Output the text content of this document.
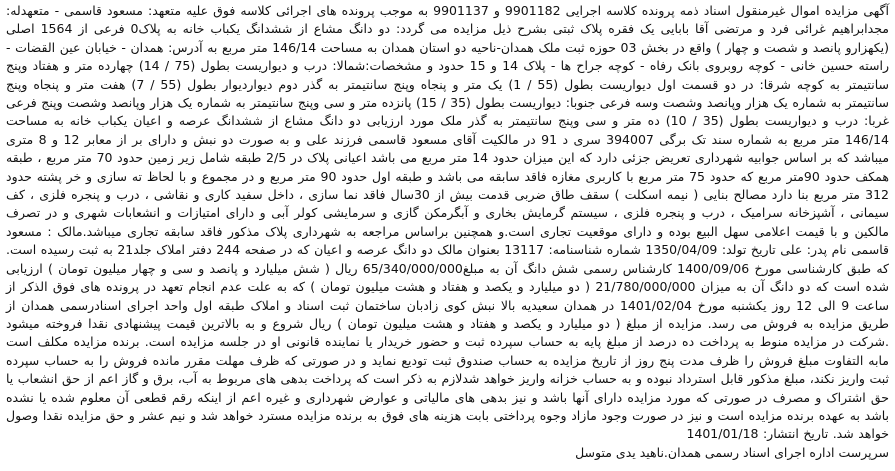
آگهی مزایده اموال غیرمنقول اسناد ذمه پرونده کلاسه اجرایی 9901182 و 9901137 به موجب پرونده های اجرائی کلاسه فوق علیه متعهد: مسعود قاسمی - متعهدله: مجدابراهیم غرائی فرد و مرتضی آقا بابایی یک فقره پلاک ثبتی بشرح ذیل مزایده می گردد: دو دانگ مشاع از ششدانگ یکباب خانه به پلاک0 فرعی از 1564 اصلی (یکهزارو پانصد و شصت و چهار ) واقع در بخش 03 حوزه ثبت ملک همدان-ناحیه دو استان همدان به مساحت 146/14 متر مربع به آدرس: همدان - خیابان عین القضات - راسته حسین خانی - کوچه روبروی بانک رفاه - کوچه جراح ها - پلاک 14 و 15 حدود و مشخصات:شمالا: درب و دیواریست بطول (75 / 14) چهارده متر و هفتاد وپنج سانتیمتر به کوچه شرقا: در دو قسمت اول دیواریست بطول (55 / 1) یک متر و پنجاه وپنج سانتیمتر به گذر دوم دیواردیوار بطول (55 / 7) هفت متر و پنجاه وپنج سانتیمتر به شماره یک هزار وپانصد وشصت وسه فرعی جنوبا: دیواریست بطول (35 / 15) پانزده متر و سی وپنج سانتیمتر به شماره یک هزار وپانصد وشصت وپنج فرعی غربا: درب و دیواریست بطول (35 / 10) ده متر و سی وپنج سانتیمتر به گذر ملک مورد ارزیابی دو دانگ مشاع از ششدانگ عرصه و اعیان یکباب خانه به مساحت 146/14 متر مربع به شماره سند تک برگی 394007 سری د 91 در مالکیت آقای مسعود قاسمی فرزند علی و به صورت دو نبش و دارای بر از معابر 12 و 8 متری میباشد که بر اساس جوابیه شهرداری تعریض جزئی دارد که این میزان حدود 14 متر مربع می باشد اعیانی پلاک در 2/5 طبقه شامل زیر زمین حدود 70 متر مربع ، طبقه همکف حدود 90متر مربع که حدود 75 متر مربع با کاربری مغازه فاقد سابقه می باشد و طبقه اول حدود 90 متر مربع و در مجموع و با لحاظ ته سازی و خر پشته حدود 312 متر مربع بنا دارد مصالح بنایی ( نیمه اسکلت ) سقف طاق ضربی قدمت بیش از 30سال فاقد نما سازی ، داخل سفید کاری و نقاشی ، درب و پنجره فلزی ، کف سیمانی ، آشپزخانه سرامیک ، درب و پنجره فلزی ، سیستم گرمایش بخاری و آبگرمکن گازی و سرمایشی کولر آبی و دارای امتیازات و انشعابات شهری و در تصرف مالکین و با قیمت اعلامی سهل البیع بوده و دارای موقعیت تجاری است.و همچنین براساس مراجعه به شهرداری پلاک مذکور فاقد سابقه تجاری میباشد.مالک : مسعود قاسمی نام پدر: علی تاریخ تولد: 1350/04/09 شماره شناسنامه: 13117 بعنوان مالک دو دانگ عرصه و اعیان که در صفحه 244 دفتر املاک جلد21 به ثبت رسیده است. که طبق کارشناسی مورخ 1400/09/06 کارشناس رسمی شش دانگ آن به مبلغ65/340/000/000 ریال ( شش میلیارد و پانصد و سی و چهار میلیون تومان ) ارزیابی شده است که دو دانگ آن به میزان 21/780/000/000 ( دو میلیارد و یکصد و هفتاد و هشت میلیون تومان ) که به علت عدم انجام تعهد در پرونده های فوق الذکر از ساعت 9 الی 12 روز یکشنبه مورخ 1401/02/04 در همدان سعیدیه بالا نبش کوی زادبان ساختمان ثبت اسناد و املاک طبقه اول واحد اجرای اسنادرسمی همدان از طریق مزایده به فروش می رسد. مزایده از مبلغ ( دو میلیارد و یکصد و هفتاد و هشت میلیون تومان ) ریال شروع و به بالاترین قیمت پیشنهادی نقدا فروخته میشود .شرکت در مزایده منوط به پرداخت ده درصد از مبلغ پایه به حساب سپرده ثبت و حضور خریدار یا نماینده قانونی او در جلسه مزایده است. برنده مزایده مکلف است مابه التفاوت مبلغ فروش را ظرف مدت پنج روز از تاریخ مزایده به حساب صندوق ثبت تودیع نماید و در صورتی که ظرف مهلت مقرر مانده فروش را به حساب سپرده ثبت واریز نکند، مبلغ مذکور قابل استرداد نبوده و به حساب خزانه واریز خواهد شدلازم به ذکر است که پرداخت بدهی های مربوط به آب، برق و گاز اعم از حق انشعاب یا حق اشتراک و مصرف در صورتی که مورد مزایده دارای آنها باشد و نیز بدهی های مالیاتی و عوارض شهرداری و غیره اعم از اینکه رقم قطعی آن معلوم شده یا نشده باشد به عهده برنده مزایده است و نیز در صورت وجود مازاد وجوه پرداختی بابت هزینه های فوق به برنده مزایده مسترد خواهد شد و نیم عشر و حق مزایده نقدا وصول خواهد شد. تاریخ انتشار: 1401/01/18

سرپرست اداره اجرای اسناد رسمی همدان.ناهید یدی متوسل
